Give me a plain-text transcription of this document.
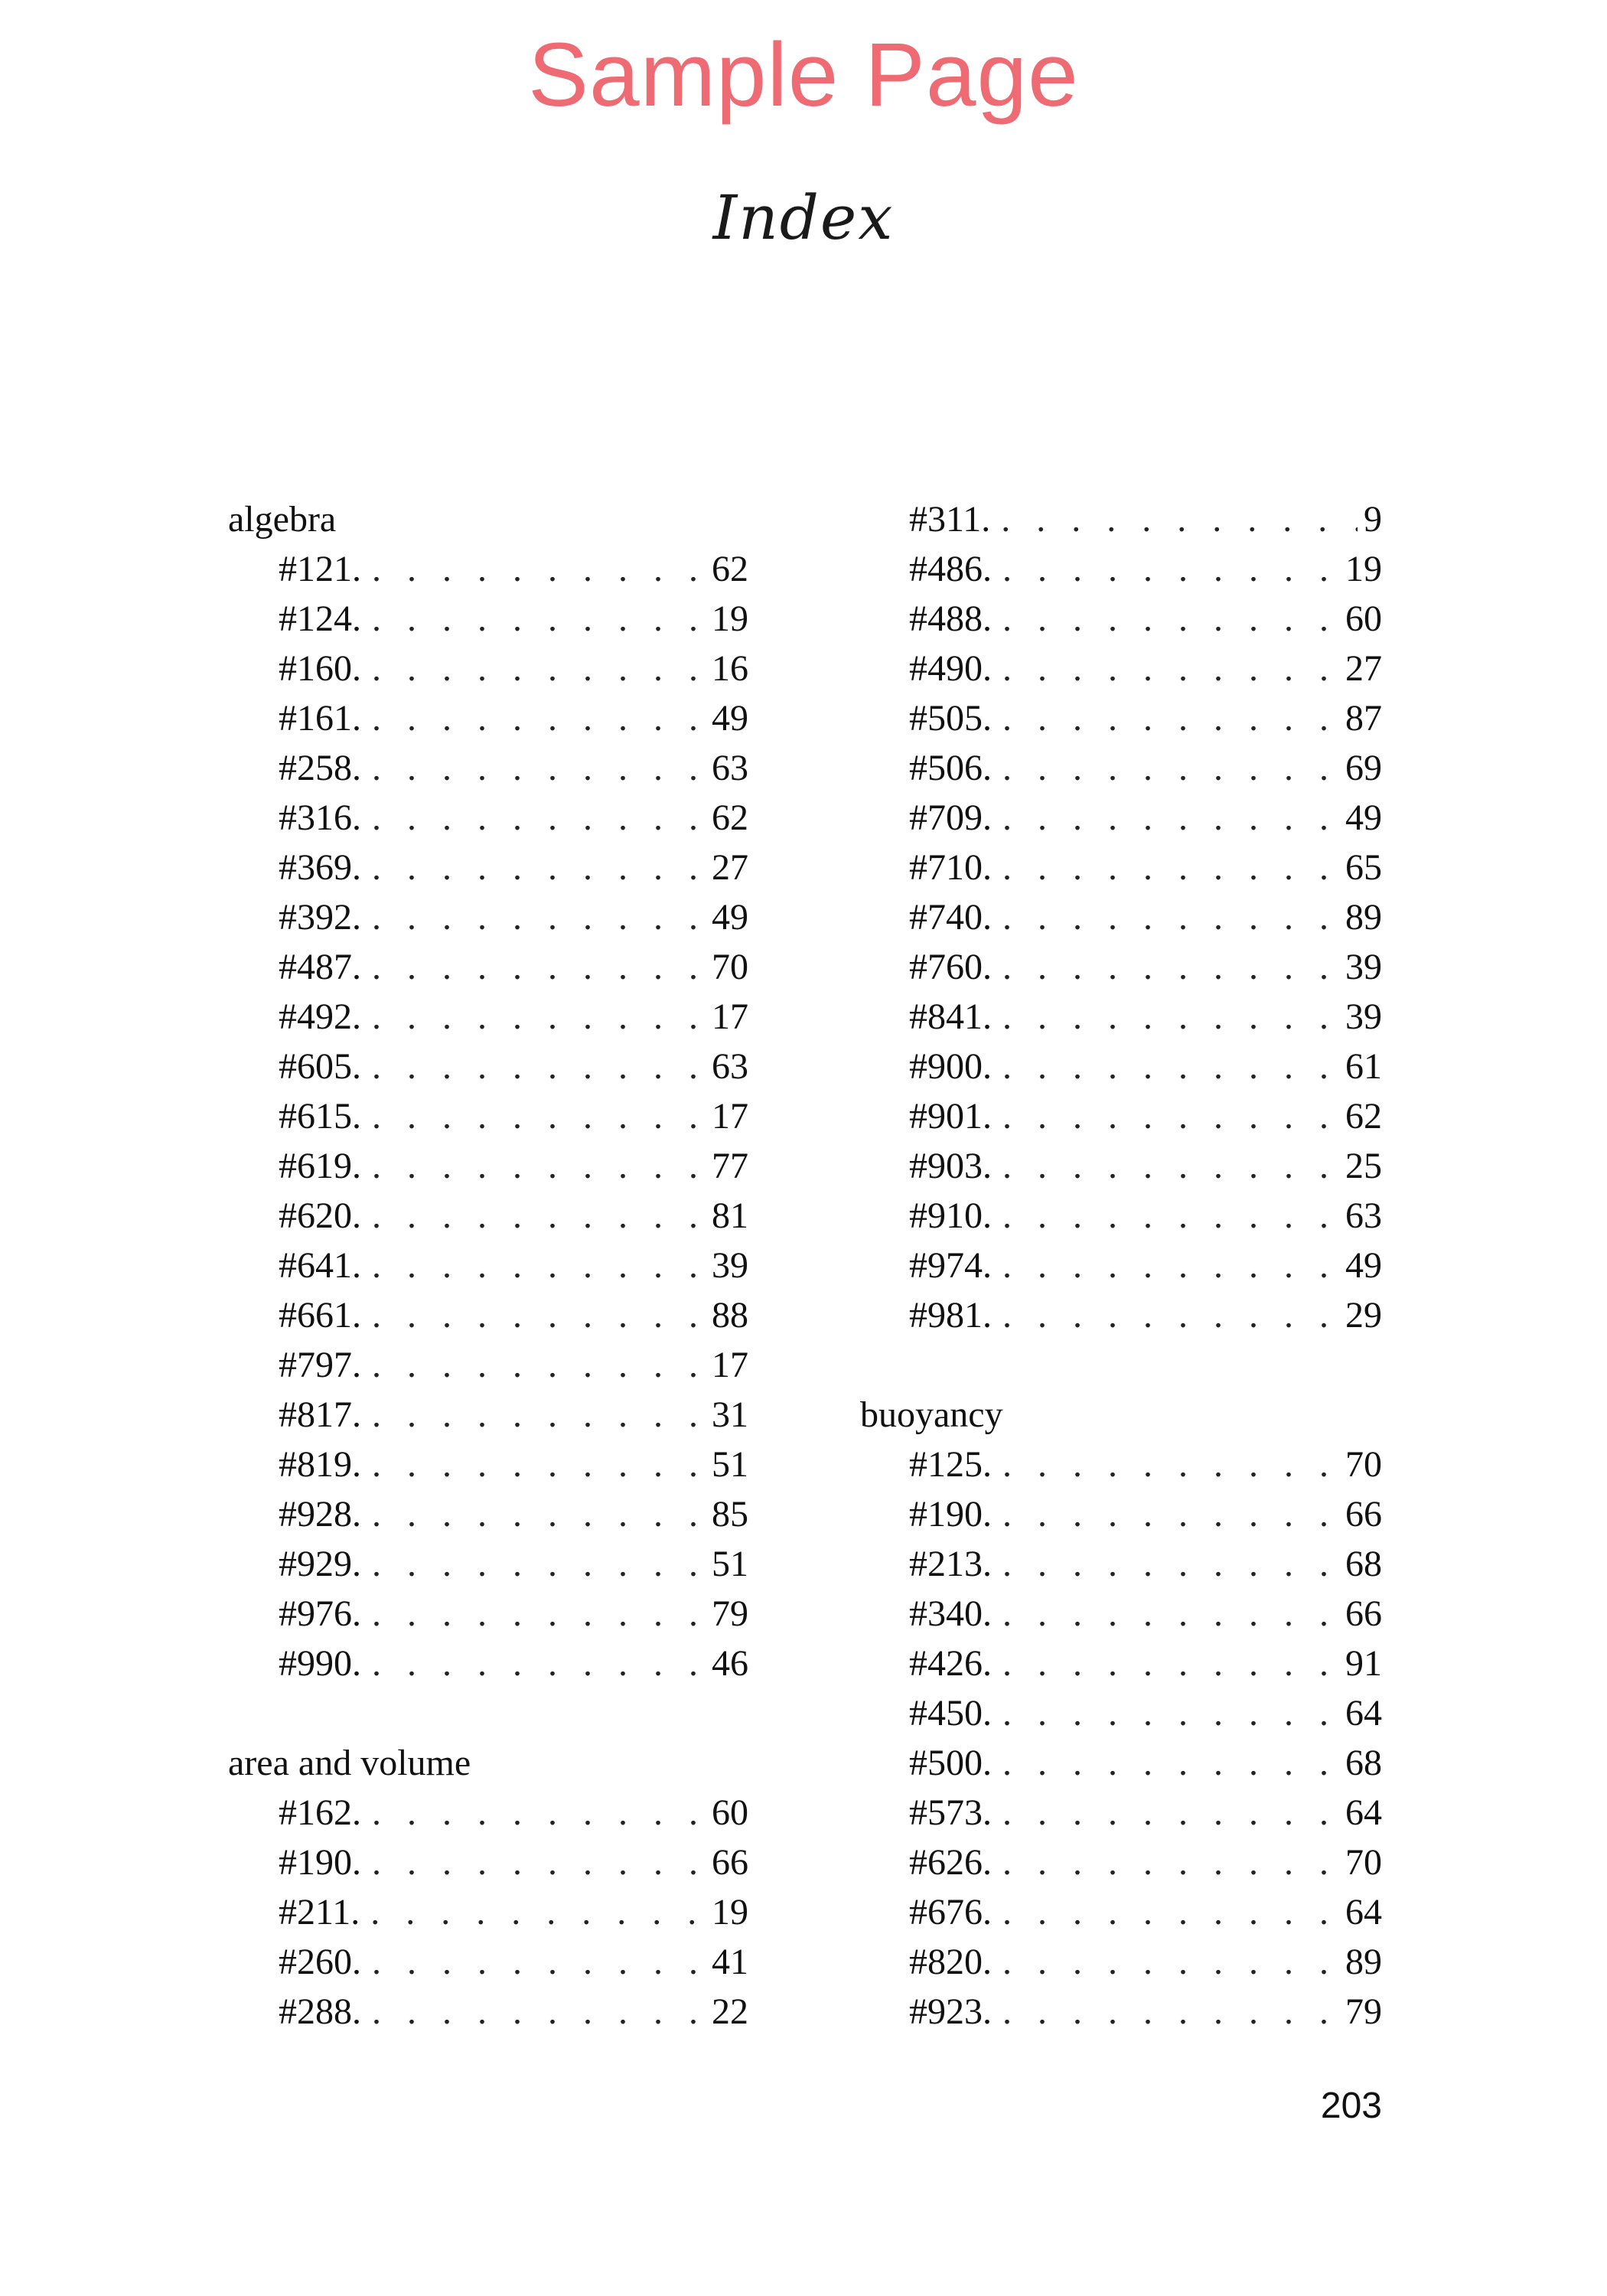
Sample Page
Index
algebra
#121. . . .	62
#124. . . .	19
#160. . . .	16
#161. . . .	49
#258. . . .	63
#316. . . .	62
#369. . . .	27
#392. . . .	49
#487. . . .	70
#492. . . .	17
#605. . . .	63
#615. . . .	17
#619. . . .	77
#620. . . .	81
#641. . . .	39
#661. . . .	88
#797. . . .	17
#817. . . .	31
#819. . . .	51
#928. . . .	85
#929. . . .	51
#976. . . .	79
#990. . . .	46
area and volume
#162. . . .	60
#190. . . .	66
#211. . . .	19
#260. . . .	41
#288. . . .	22
#311. . . .	9
#486. . . .	19
#488. . . .	60
#490. . . .	27
#505. . . .	87
#506. . . .	69
#709. . . .	49
#710. . . .	65
#740. . . .	89
#760. . . .	39
#841. . . .	39
#900. . . .	61
#901. . . .	62
#903. . . .	25
#910. . . .	63
#974. . . .	49
#981. . . .	29
buoyancy
#125. . . .	70
#190. . . .	66
#213. . . .	68
#340. . . .	66
#426. . . .	91
#450. . . .	64
#500. . . .	68
#573. . . .	64
#626. . . .	70
#676. . . .	64
#820. . . .	89
#923. . . .	79
203
